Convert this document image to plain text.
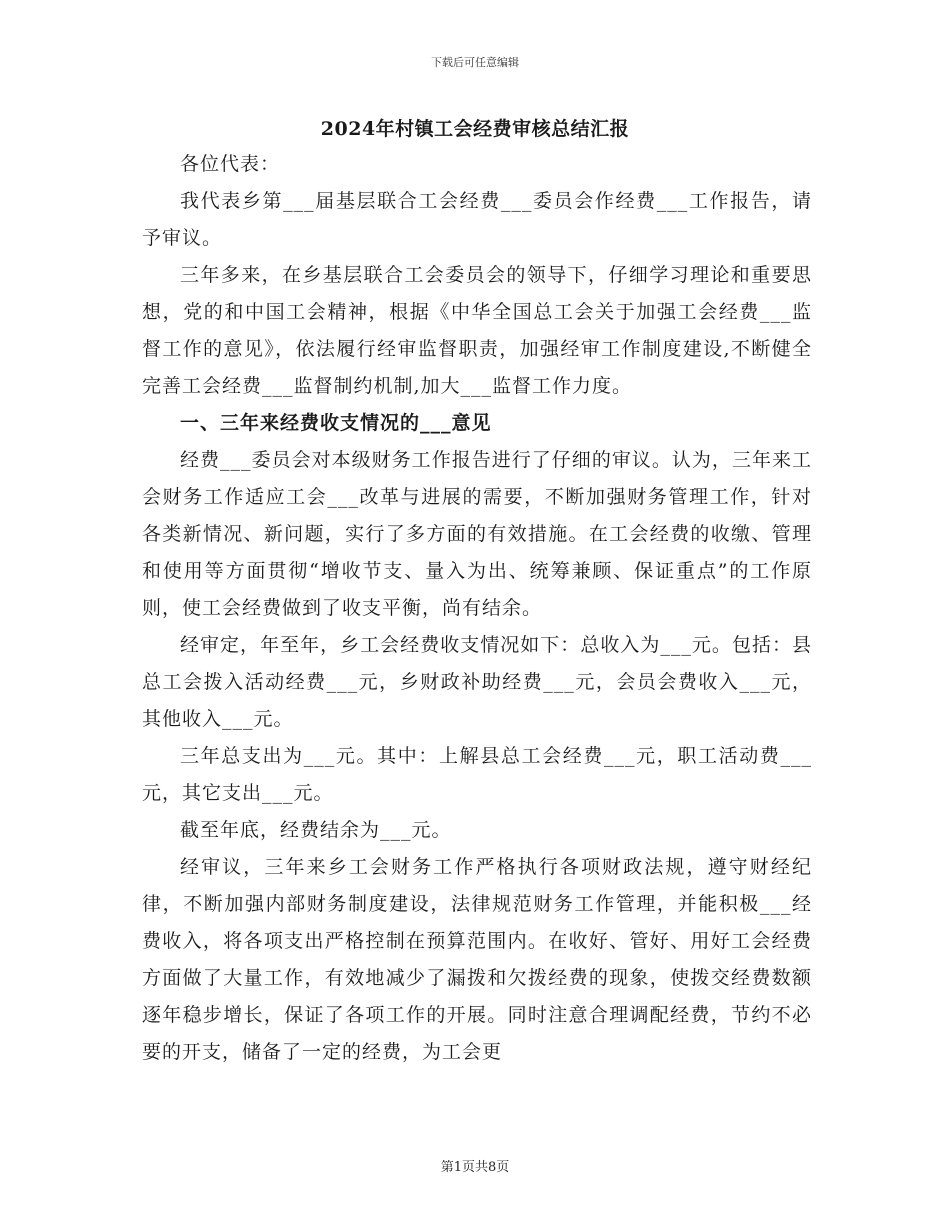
下载后可任意编辑
2024年村镇工会经费审核总结汇报

各位代表：

我代表乡第___届基层联合工会经费___委员会作经费___工作报告，请予审议。

三年多来，在乡基层联合工会委员会的领导下，仔细学习理论和重要思想，党的和中国工会精神，根据《中华全国总工会关于加强工会经费___监督工作的意见》，依法履行经审监督职责，加强经审工作制度建设,不断健全完善工会经费___监督制约机制,加大___监督工作力度。

一、三年来经费收支情况的___意见

经费___委员会对本级财务工作报告进行了仔细的审议。认为，三年来工会财务工作适应工会___改革与进展的需要，不断加强财务管理工作，针对各类新情况、新问题，实行了多方面的有效措施。在工会经费的收缴、管理和使用等方面贯彻“增收节支、量入为出、统筹兼顾、保证重点”的工作原则，使工会经费做到了收支平衡，尚有结余。

经审定，年至年，乡工会经费收支情况如下：总收入为___元。包括：县总工会拨入活动经费___元，乡财政补助经费___元，会员会费收入___元，其他收入___元。

三年总支出为___元。其中：上解县总工会经费___元，职工活动费___元，其它支出___元。

截至年底，经费结余为___元。

经审议，三年来乡工会财务工作严格执行各项财政法规，遵守财经纪律，不断加强内部财务制度建设，法律规范财务工作管理，并能积极___经费收入，将各项支出严格控制在预算范围内。在收好、管好、用好工会经费方面做了大量工作，有效地减少了漏拨和欠拨经费的现象，使拨交经费数额逐年稳步增长，保证了各项工作的开展。同时注意合理调配经费，节约不必要的开支，储备了一定的经费，为工会更

第1页共8页
